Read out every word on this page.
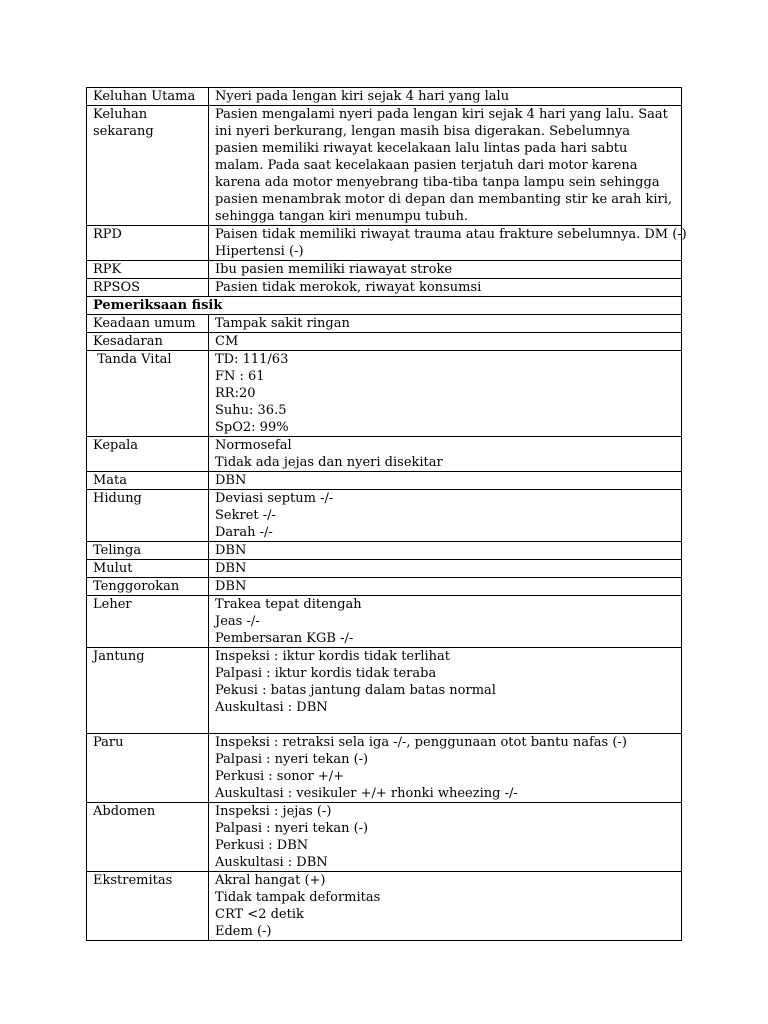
Keluhan Utama	Nyeri pada lengan kiri sejak 4 hari yang lalu

Keluhan sekarang	Pasien mengalami nyeri pada lengan kiri sejak 4 hari yang lalu. Saat ini nyeri berkurang, lengan masih bisa digerakan. Sebelumnya pasien memiliki riwayat kecelakaan lalu lintas pada hari sabtu malam. Pada saat kecelakaan pasien terjatuh dari motor karena karena ada motor menyebrang tiba-tiba tanpa lampu sein sehingga pasien menambrak motor di depan dan membanting stir ke arah kiri, sehingga tangan kiri menumpu tubuh.

RPD	Paisen tidak memiliki riwayat trauma atau frakture sebelumnya. DM (-)
Hipertensi (-)

RPK	Ibu pasien memiliki riawayat stroke

RPSOS	Pasien tidak merokok, riwayat konsumsi

Pemeriksaan fisik	
Keadaan umum	Tampak sakit ringan

Kesadaran	CM

Tanda Vital	TD: 111/63
FN : 61
RR:20
Suhu: 36.5
SpO2: 99%

Kepala	Normosefal
Tidak ada jejas dan nyeri disekitar

Mata	DBN

Hidung	Deviasi septum -/-
Sekret -/-
Darah -/-

Telinga	DBN

Mulut	DBN

Tenggorokan	DBN

Leher	Trakea tepat ditengah
Jeas -/-
Pembersaran KGB -/-

Jantung	Inspeksi : iktur kordis tidak terlihat
Palpasi : iktur kordis tidak teraba
Pekusi : batas jantung dalam batas normal
Auskultasi : DBN

Paru	Inspeksi : retraksi sela iga -/-, penggunaan otot bantu nafas (-)
Palpasi : nyeri tekan (-)
Perkusi : sonor +/+
Auskultasi : vesikuler +/+ rhonki wheezing -/-

Abdomen	Inspeksi : jejas (-)
Palpasi : nyeri tekan (-)
Perkusi : DBN
Auskultasi : DBN

Ekstremitas	Akral hangat (+)
Tidak tampak deformitas
CRT <2 detik
Edem (-)
